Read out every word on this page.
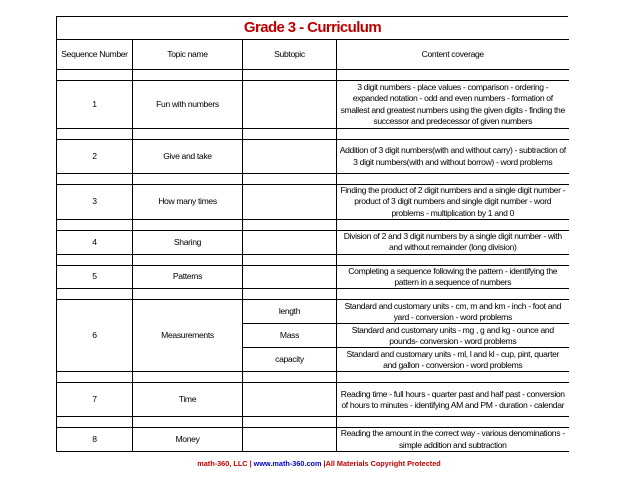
Grade 3 - Curriculum
Sequence Number	Topic name	Subtopic	Content coverage

1	Fun with numbers		3 digit numbers - place values - comparison - ordering - expanded notation - odd and even numbers - formation of smallest and greatest numbers using the given digits - finding the successor and predecessor of given numbers

2	Give and take		Addition of 3 digit numbers(with and without carry) - subtraction of 3 digit numbers(with and without borrow) - word problems

3	How many times		Finding the product of 2 digit numbers and a single digit number - product of 3 digit numbers and single digit number - word problems - multiplication by 1 and 0

4	Sharing		Division of 2 and 3 digit numbers by a single digit number - with and without remainder (long division)

5	Patterns		Completing a sequence following the pattern - identifying the pattern in a sequence of numbers

6	Measurements	length	Standard and customary units - cm, m and km - inch - foot and yard - conversion - word problems
		Mass	Standard and customary units - mg , g and kg - ounce and pounds- conversion - word problems
		capacity	Standard and customary units - ml, l and kl - cup, pint, quarter and gallon - conversion - word problems

7	Time		Reading time - full hours - quarter past and half past - conversion of hours to minutes - identifying AM and PM - duration - calendar

8	Money		Reading the amount in the correct way - various denominations - simple addition and subtraction
math-360, LLC | www.math-360.com |All Materials Copyright Protected
